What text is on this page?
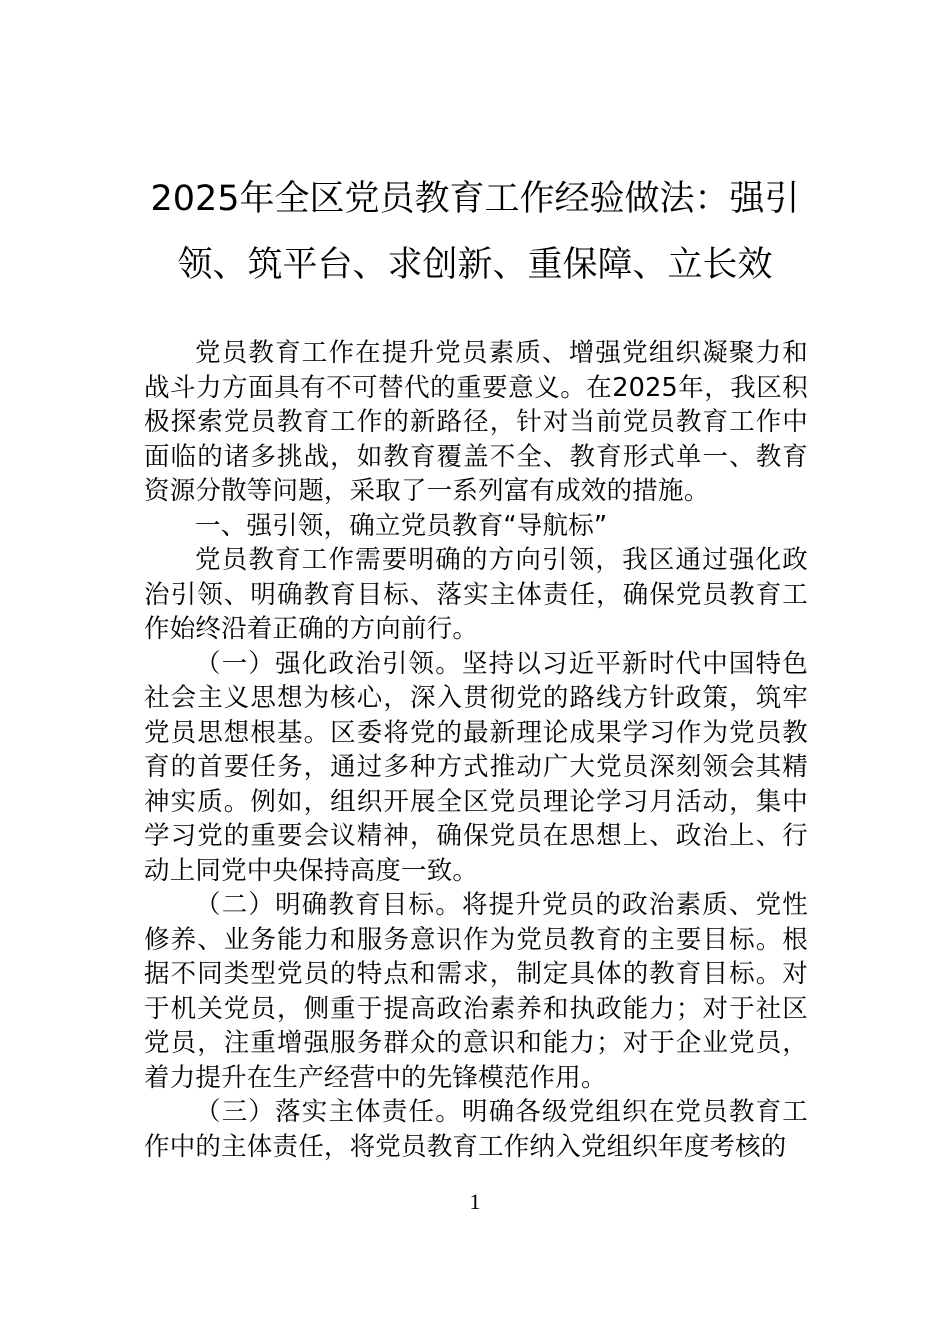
2025年全区党员教育工作经验做法：强引
领、筑平台、求创新、重保障、立长效

党员教育工作在提升党员素质、增强党组织凝聚力和战斗力方面具有不可替代的重要意义。在2025年，我区积极探索党员教育工作的新路径，针对当前党员教育工作中面临的诸多挑战，如教育覆盖不全、教育形式单一、教育资源分散等问题，采取了一系列富有成效的措施。

一、强引领，确立党员教育“导航标”

党员教育工作需要明确的方向引领，我区通过强化政治引领、明确教育目标、落实主体责任，确保党员教育工作始终沿着正确的方向前行。

（一）强化政治引领。坚持以习近平新时代中国特色社会主义思想为核心，深入贯彻党的路线方针政策，筑牢党员思想根基。区委将党的最新理论成果学习作为党员教育的首要任务，通过多种方式推动广大党员深刻领会其精神实质。例如，组织开展全区党员理论学习月活动，集中学习党的重要会议精神，确保党员在思想上、政治上、行动上同党中央保持高度一致。

（二）明确教育目标。将提升党员的政治素质、党性修养、业务能力和服务意识作为党员教育的主要目标。根据不同类型党员的特点和需求，制定具体的教育目标。对于机关党员，侧重于提高政治素养和执政能力；对于社区党员，注重增强服务群众的意识和能力；对于企业党员，着力提升在生产经营中的先锋模范作用。

（三）落实主体责任。明确各级党组织在党员教育工作中的主体责任，将党员教育工作纳入党组织年度考核的

1
